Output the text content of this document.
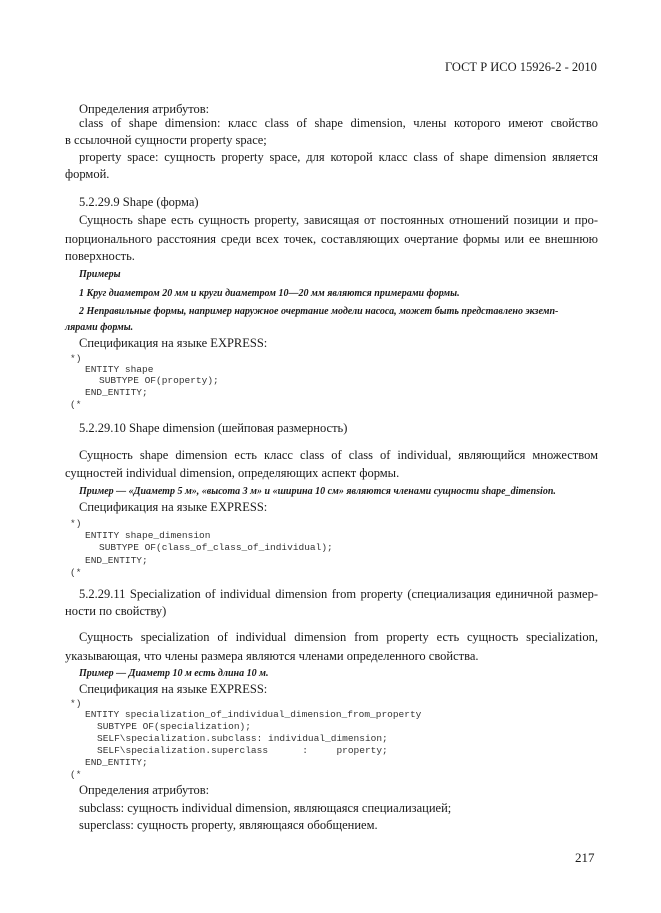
ГОСТ Р ИСО 15926-2 - 2010
Определения атрибутов:
class of shape dimension: класс class of shape dimension, члены которого имеют свойство
в ссылочной сущности property space;
property space: сущность property space, для которой класс class of shape dimension является
формой.
5.2.29.9 Shape (форма)
Сущность shape есть сущность property, зависящая от постоянных отношений позиции и про-
порционального расстояния среди всех точек, составляющих очертание формы или ее внешнюю
поверхность.
Примеры
1 Круг диаметром 20 мм и круги диаметром 10—20 мм являются примерами формы.
2 Неправильные формы, например наружное очертание модели насоса, может быть представлено экземп-
лярами формы.
Спецификация на языке EXPRESS:
*)
ENTITY shape
SUBTYPE OF(property);
END_ENTITY;
(*
5.2.29.10 Shape dimension (шейповая размерность)
Сущность shape dimension есть класс class of class of individual, являющийся множеством
сущностей individual dimension, определяющих аспект формы.
Пример — «Диаметр 5 м», «высота 3 м» и «ширина 10 см» являются членами сущности shape_dimension.
Спецификация на языке EXPRESS:
*)
ENTITY shape_dimension
SUBTYPE OF(class_of_class_of_individual);
END_ENTITY;
(*
5.2.29.11 Specialization of individual dimension from property (специализация единичной размер-
ности по свойству)
Сущность specialization of individual dimension from property есть сущность specialization,
указывающая, что члены размера являются членами определенного свойства.
Пример — Диаметр 10 м есть длина 10 м.
Спецификация на языке EXPRESS:
*)
ENTITY specialization_of_individual_dimension_from_property
SUBTYPE OF(specialization);
SELF\specialization.subclass: individual_dimension;
SELF\specialization.superclass      :     property;
END_ENTITY;
(*
Определения атрибутов:
subclass: сущность individual dimension, являющаяся специализацией;
superclass: сущность property, являющаяся обобщением.
217
